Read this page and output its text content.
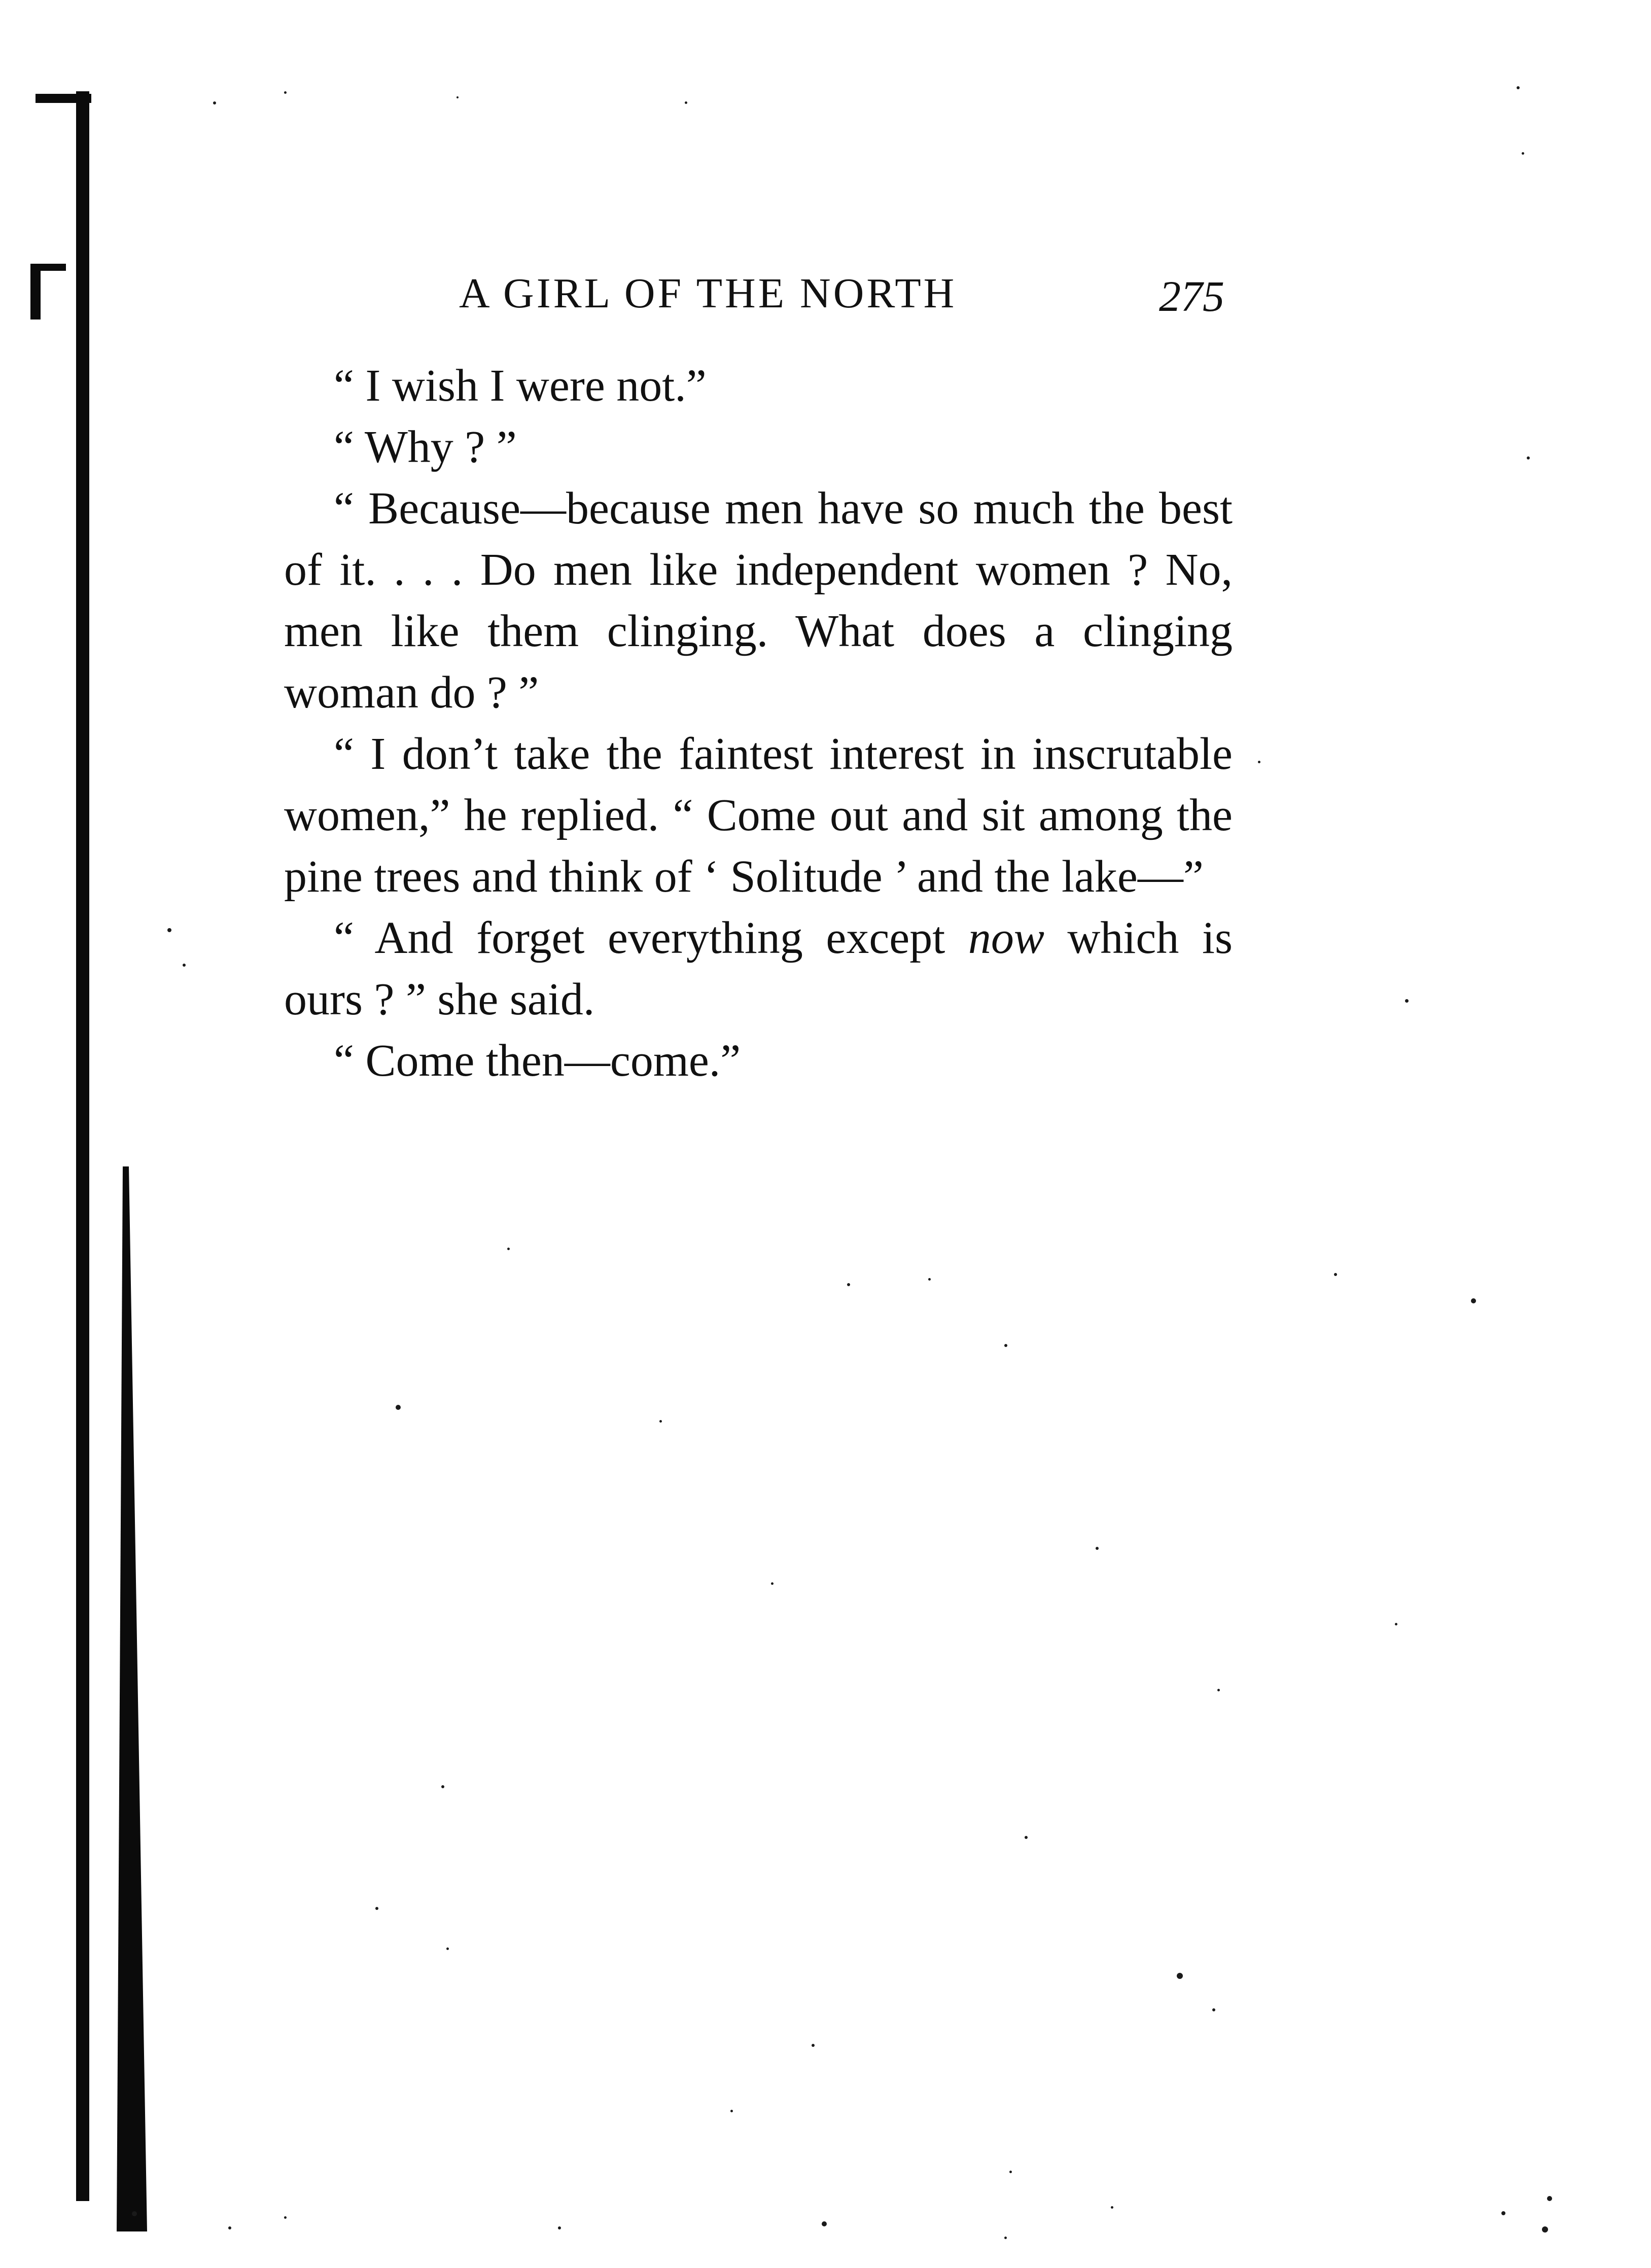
A GIRL OF THE NORTH	275

“ I wish I were not.”

“ Why ? ”

“ Because—because men have so much the best of it. . . . Do men like independent women ? No, men like them clinging. What does a clinging woman do ? ”

“ I don’t take the faintest interest in inscrutable women,” he replied. “ Come out and sit among the pine trees and think of ‘ Solitude ’ and the lake—”

“ And forget everything except now which is ours ? ” she said.

“ Come then—come.”
